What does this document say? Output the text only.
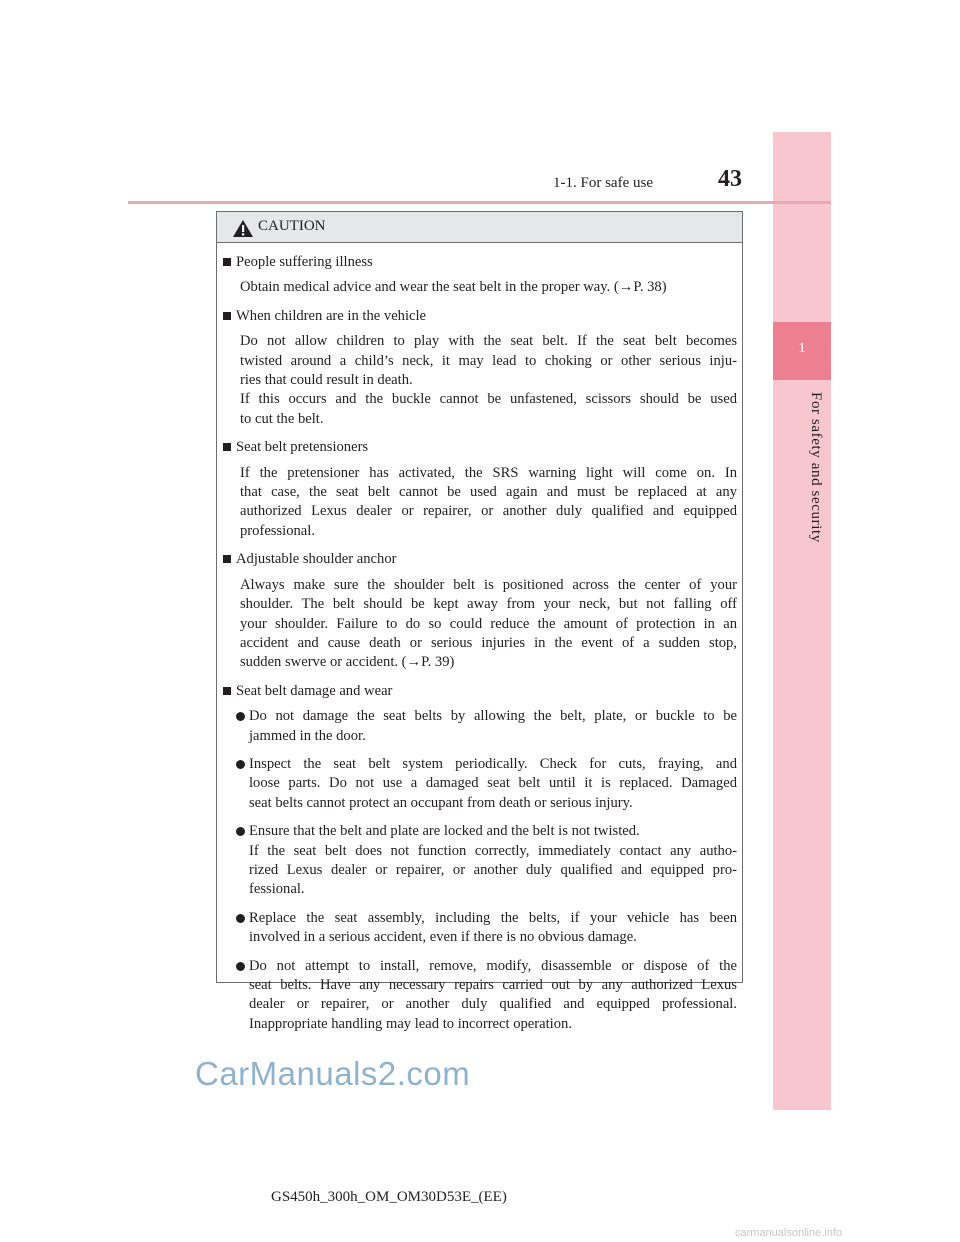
1
For safety and security
1-1. For safe use	43
CAUTION
People suffering illness
Obtain medical advice and wear the seat belt in the proper way. (→P. 38)
When children are in the vehicle
Do not allow children to play with the seat belt. If the seat belt becomes
twisted around a child’s neck, it may lead to choking or other serious inju-
ries that could result in death.
If this occurs and the buckle cannot be unfastened, scissors should be used
to cut the belt.
Seat belt pretensioners
If the pretensioner has activated, the SRS warning light will come on. In
that case, the seat belt cannot be used again and must be replaced at any
authorized Lexus dealer or repairer, or another duly qualified and equipped
professional.
Adjustable shoulder anchor
Always make sure the shoulder belt is positioned across the center of your
shoulder. The belt should be kept away from your neck, but not falling off
your shoulder. Failure to do so could reduce the amount of protection in an
accident and cause death or serious injuries in the event of a sudden stop,
sudden swerve or accident. (→P. 39)
Seat belt damage and wear
Do not damage the seat belts by allowing the belt, plate, or buckle to be
jammed in the door.
Inspect the seat belt system periodically. Check for cuts, fraying, and
loose parts. Do not use a damaged seat belt until it is replaced. Damaged
seat belts cannot protect an occupant from death or serious injury.
Ensure that the belt and plate are locked and the belt is not twisted.
If the seat belt does not function correctly, immediately contact any autho-
rized Lexus dealer or repairer, or another duly qualified and equipped pro-
fessional.
Replace the seat assembly, including the belts, if your vehicle has been
involved in a serious accident, even if there is no obvious damage.
Do not attempt to install, remove, modify, disassemble or dispose of the
seat belts. Have any necessary repairs carried out by any authorized Lexus
dealer or repairer, or another duly qualified and equipped professional.
Inappropriate handling may lead to incorrect operation.
GS450h_300h_OM_OM30D53E_(EE)
CarManuals2.com
carmanualsonline.info
